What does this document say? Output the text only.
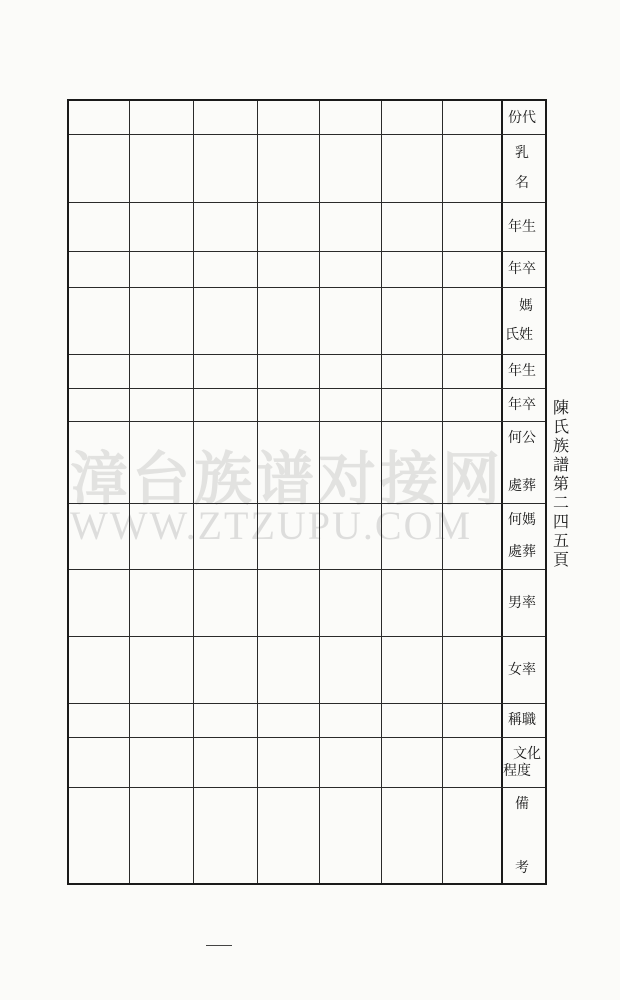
漳台族谱对接网
WWW.ZTZUPU.COM
份代
乳
名
年生
年卒
媽
氏姓
年生
年卒
何公
處葬
何媽
處葬
男率
女率
稱職
文化
程度
備
考
陳
氏
族
譜
第
二
四
五
頁
